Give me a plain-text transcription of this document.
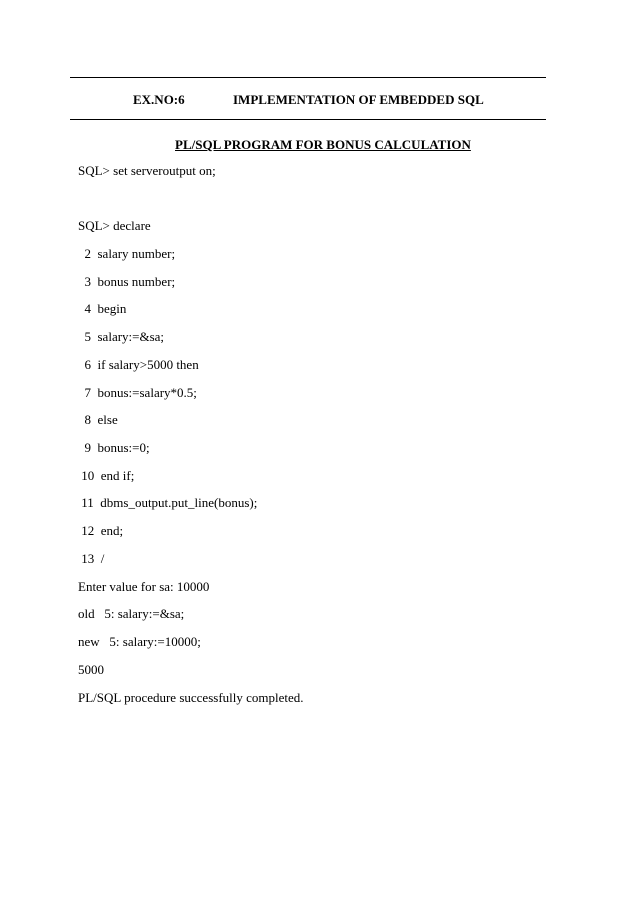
EX.NO:6	IMPLEMENTATION OF EMBEDDED SQL
PL/SQL PROGRAM FOR BONUS CALCULATION
SQL> set serveroutput on;
SQL> declare
2  salary number;
3  bonus number;
4  begin
5  salary:=&sa;
6  if salary>5000 then
7  bonus:=salary*0.5;
8  else
9  bonus:=0;
10  end if;
11  dbms_output.put_line(bonus);
12  end;
13  /
Enter value for sa: 10000
old   5: salary:=&sa;
new   5: salary:=10000;
5000
PL/SQL procedure successfully completed.
